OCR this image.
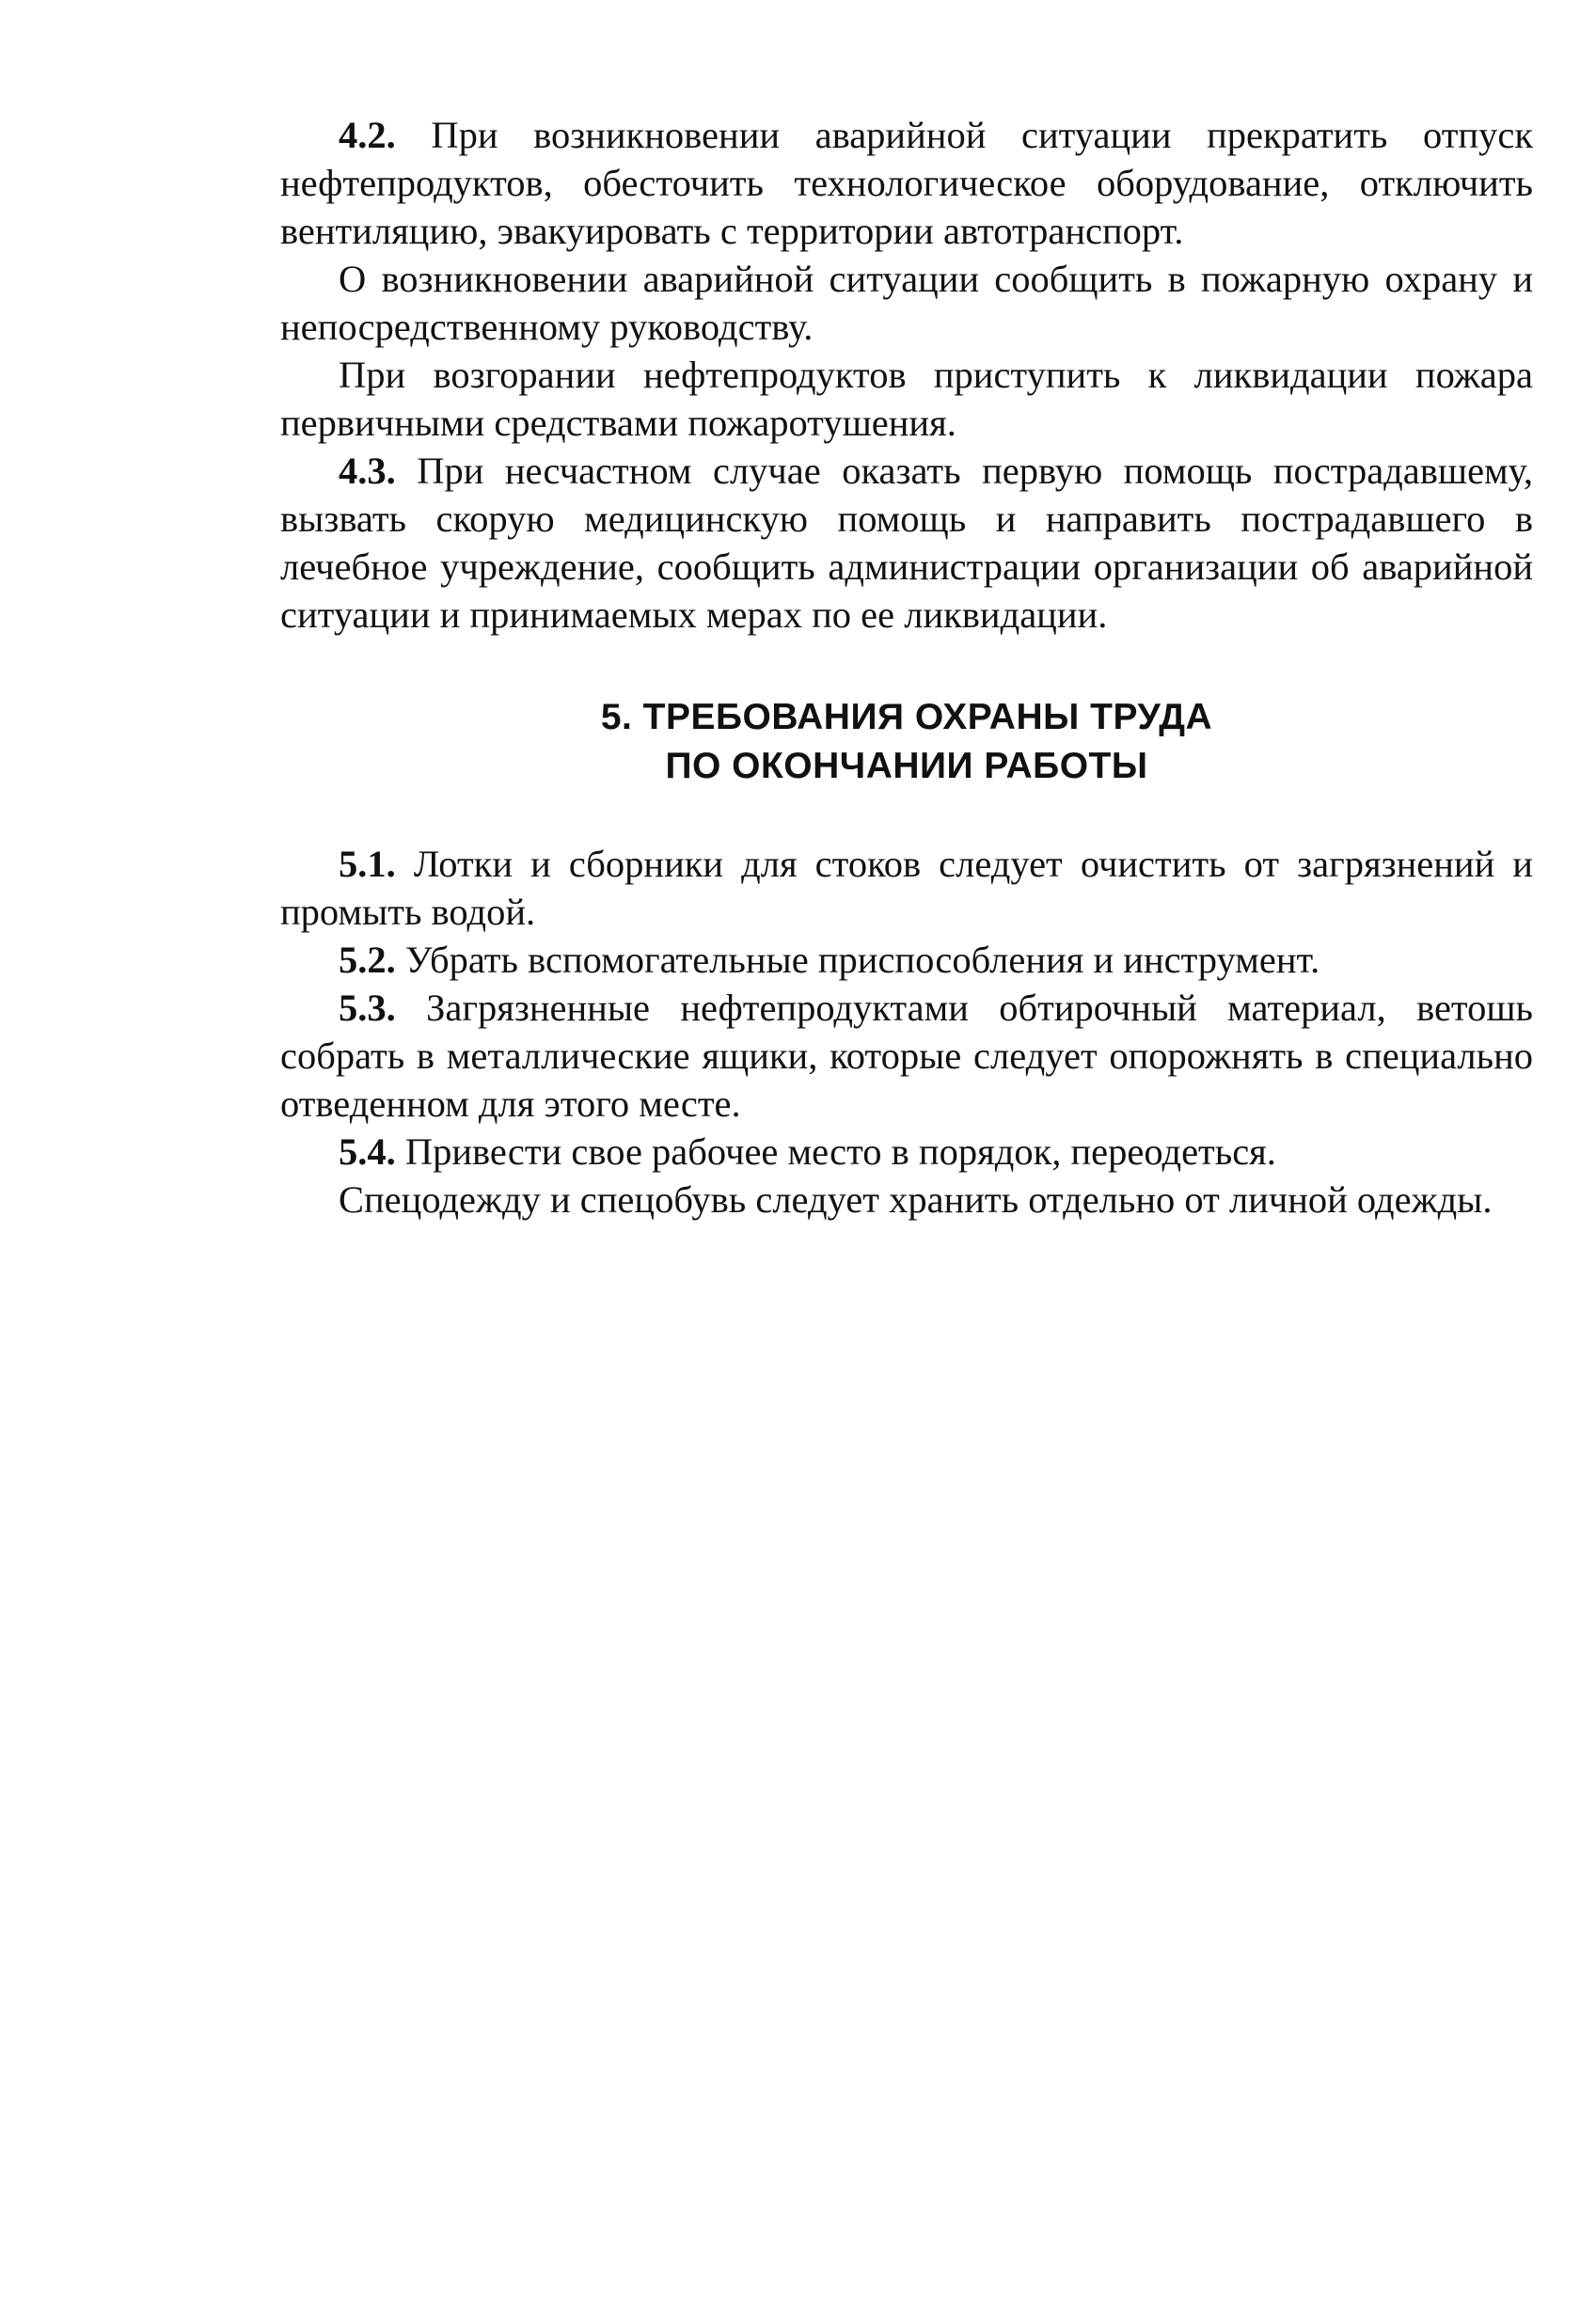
4.2. При возникновении аварийной ситуации прекратить отпуск нефтепродуктов, обесточить технологическое оборудование, отключить вентиляцию, эвакуировать с территории автотранспорт.

О возникновении аварийной ситуации сообщить в пожарную охрану и непосредственному руководству.

При возгорании нефтепродуктов приступить к ликвидации пожара первичными средствами пожаротушения.

4.3. При несчастном случае оказать первую помощь пострадавшему, вызвать скорую медицинскую помощь и направить пострадавшего в лечебное учреждение, сообщить администрации организации об аварийной ситуации и принимаемых мерах по ее ликвидации.

5. ТРЕБОВАНИЯ ОХРАНЫ ТРУДА
ПО ОКОНЧАНИИ РАБОТЫ

5.1. Лотки и сборники для стоков следует очистить от загрязнений и промыть водой.

5.2. Убрать вспомогательные приспособления и инструмент.

5.3. Загрязненные нефтепродуктами обтирочный материал, ветошь собрать в металлические ящики, которые следует опорожнять в специально отведенном для этого месте.

5.4. Привести свое рабочее место в порядок, переодеться.

Спецодежду и спецобувь следует хранить отдельно от личной одежды.
